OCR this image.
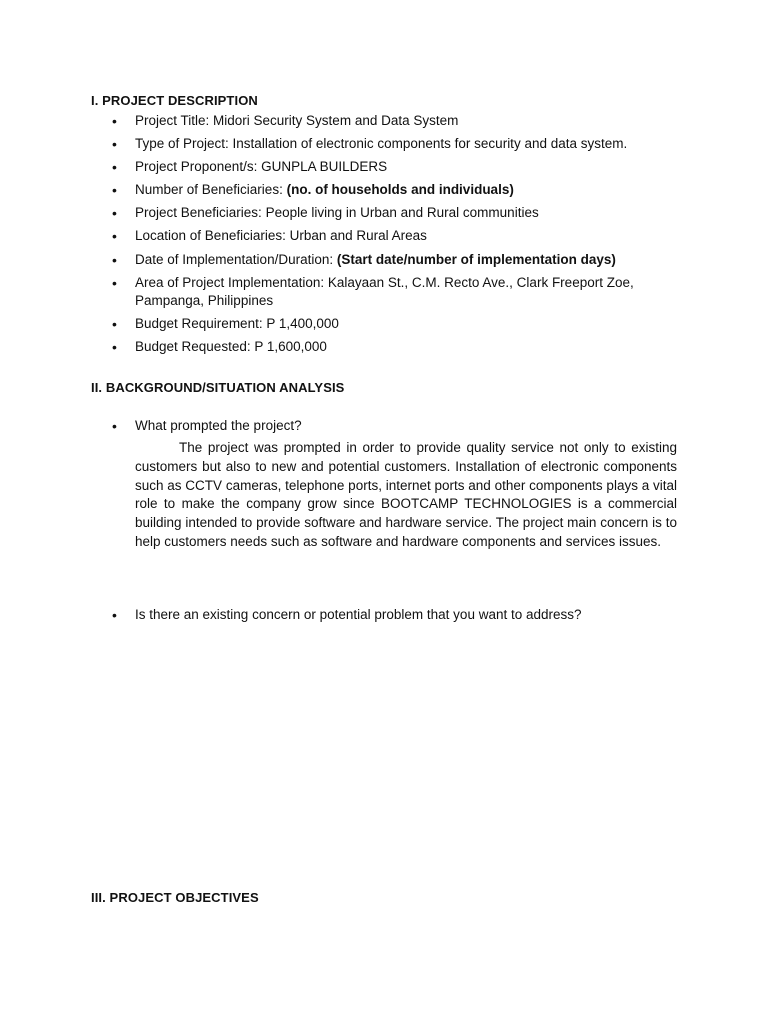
I. PROJECT DESCRIPTION
• Project Title: Midori Security System and Data System
• Type of Project: Installation of electronic components for security and data system.
• Project Proponent/s: GUNPLA BUILDERS
• Number of Beneficiaries: (no. of households and individuals)
• Project Beneficiaries: People living in Urban and Rural communities
• Location of Beneficiaries: Urban and Rural Areas
• Date of Implementation/Duration: (Start date/number of implementation days)
• Area of Project Implementation: Kalayaan St., C.M. Recto Ave., Clark Freeport Zoe, Pampanga, Philippines
• Budget Requirement: P 1,400,000
• Budget Requested: P 1,600,000
II. BACKGROUND/SITUATION ANALYSIS
• What prompted the project?

The project was prompted in order to provide quality service not only to existing customers but also to new and potential customers. Installation of electronic components such as CCTV cameras, telephone ports, internet ports and other components plays a vital role to make the company grow since BOOTCAMP TECHNOLOGIES is a commercial building intended to provide software and hardware service. The project main concern is to help customers needs such as software and hardware components and services issues.

• Is there an existing concern or potential problem that you want to address?
III. PROJECT OBJECTIVES
